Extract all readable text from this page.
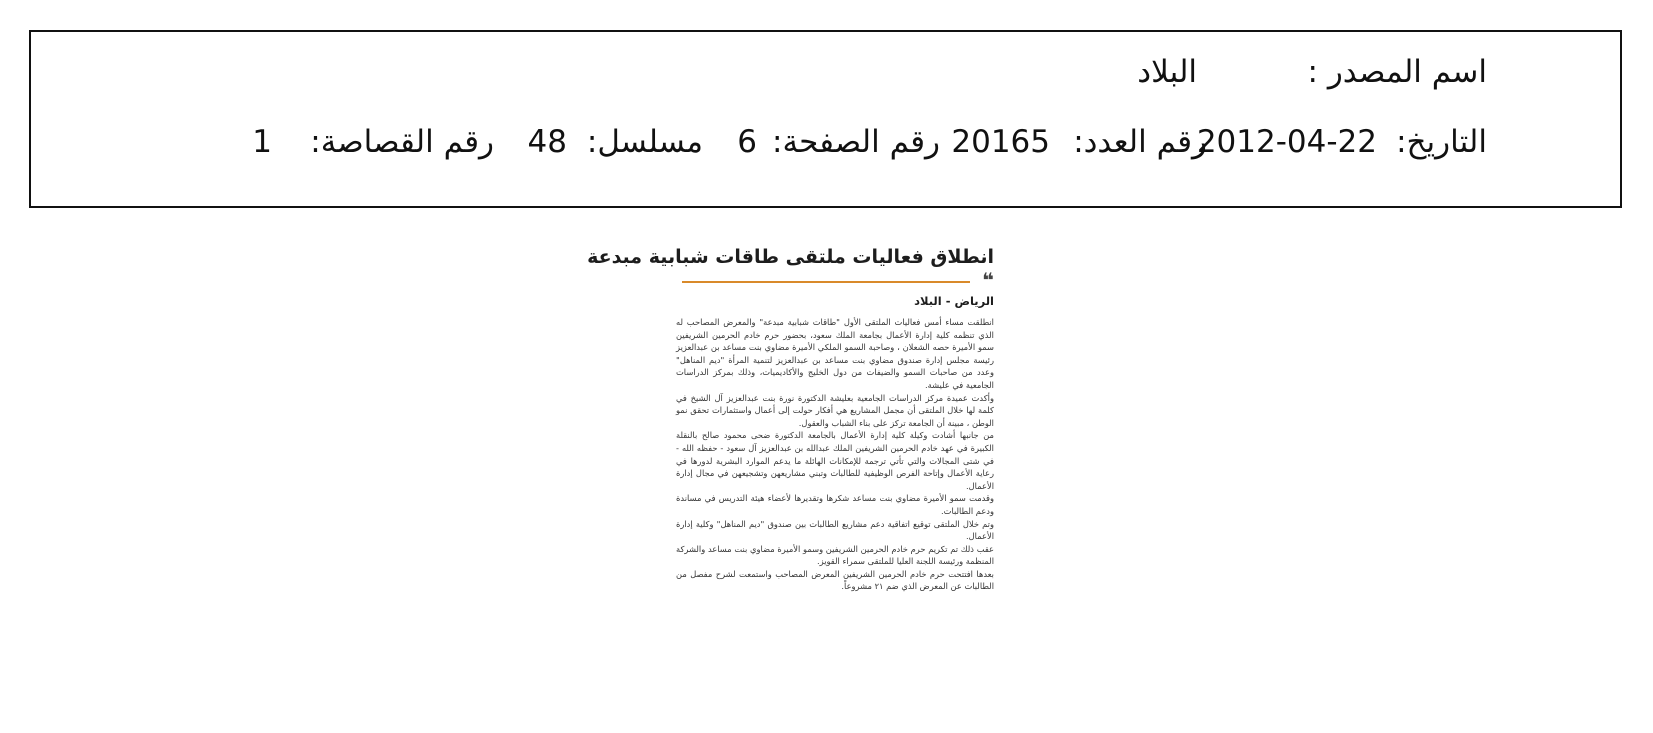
اسم المصدر :
البلاد
التاريخ:
2012-04-22
رقم العدد:
20165
رقم الصفحة:
6
مسلسل:
48
رقم القصاصة:
1
انطلاق فعاليات ملتقى طاقات شبابية مبدعة
❝
الرياض - البلاد

انطلقت مساء أمس فعاليات الملتقى الأول "طاقات شبابية مبدعة" والمعرض المصاحب له الذي تنظمه كلية إدارة الأعمال بجامعة الملك سعود، بحضور حرم خادم الحرمين الشريفين سمو الأميرة حصه الشعلان ، وصاحبة السمو الملكي الأميرة مضاوي بنت مساعد بن عبدالعزيز رئيسة مجلس إدارة صندوق مضاوي بنت مساعد بن عبدالعزيز لتنمية المرأة "ديم المناهل" وعدد من صاحبات السمو والضيفات من دول الخليج والأكاديميات، وذلك بمركز الدراسات الجامعية في عليشة.

وأكدت عميدة مركز الدراسات الجامعية بعليشة الدكتورة نورة بنت عبدالعزيز آل الشيخ في كلمة لها خلال الملتقى أن مجمل المشاريع هي أفكار حولت إلى أعمال واستثمارات تحقق نمو الوطن ، مبينة أن الجامعة تركز على بناء الشباب والعقول.

من جانبها أشادت وكيلة كلية إدارة الأعمال بالجامعة الدكتورة ضحى محمود صالح بالنقلة الكبيرة في عهد خادم الحرمين الشريفين الملك عبدالله بن عبدالعزيز آل سعود - حفظه الله - في شتى المجالات والتي تأتي ترجمة للإمكانات الهائلة ما يدعم الموارد البشرية لدورها في رعاية الأعمال وإتاحة الفرص الوظيفية للطالبات وتبني مشاريعهن وتشجيعهن في مجال إدارة الأعمال.

وقدمت سمو الأميرة مضاوي بنت مساعد شكرها وتقديرها لأعضاء هيئة التدريس في مساندة ودعم الطالبات.

وتم خلال الملتقى توقيع اتفاقية دعم مشاريع الطالبات بين صندوق "ديم المناهل" وكلية إدارة الأعمال.

عقب ذلك تم تكريم حرم خادم الحرمين الشريفين وسمو الأميرة مضاوي بنت مساعد والشركة المنظمة ورئيسة اللجنة العليا للملتقى سمراء القويز.

بعدها افتتحت حرم خادم الحرمين الشريفين المعرض المصاحب واستمعت لشرح مفصل من الطالبات عن المعرض الذي ضم ٢١ مشروعاً.
